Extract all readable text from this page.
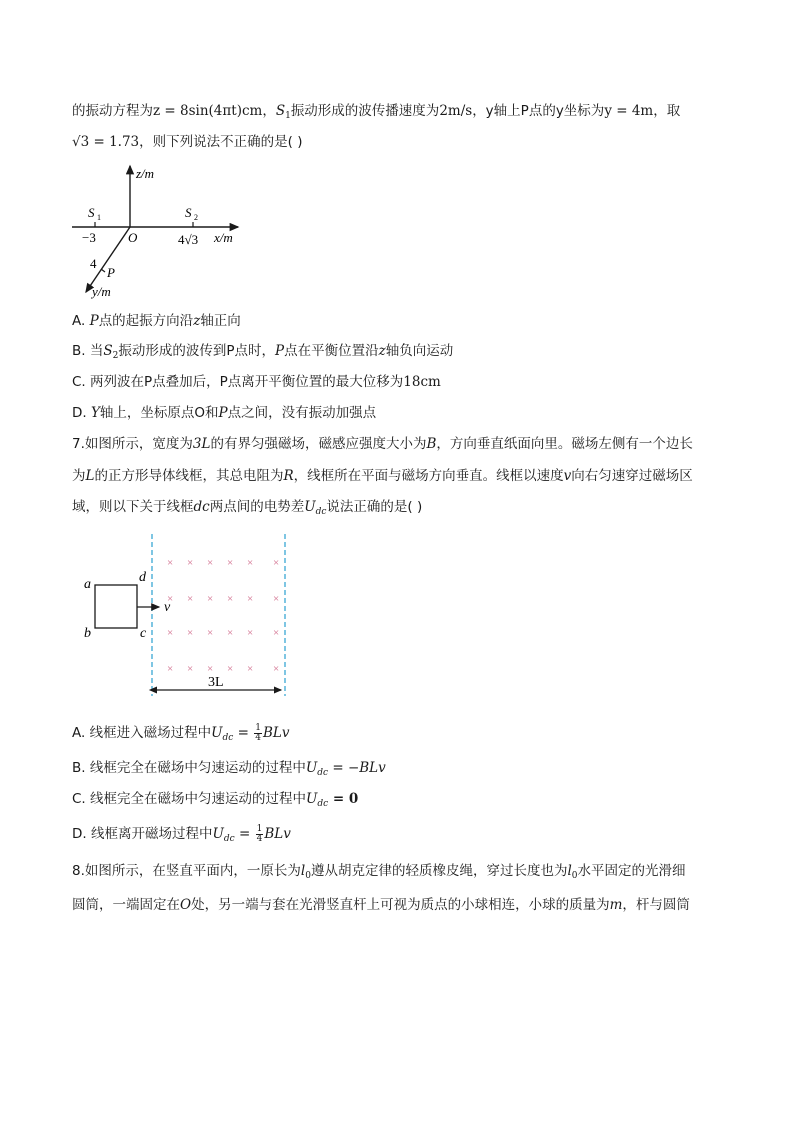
的振动方程为z = 8sin(4πt)cm，$S_1$振动形成的波传播速度为2m/s，y轴上P点的y坐标为y = 4m，取
√3 = 1.73，则下列说法不正确的是( )
z/m
x/m
y/m
S 1
−3 O
S 2
4√3
4
P
A. P点的起振方向沿z轴正向
B. 当$S_2$振动形成的波传到P点时，P点在平衡位置沿z轴负向运动
C. 两列波在P点叠加后，P点离开平衡位置的最大位移为18cm
D. Y轴上，坐标原点O和P点之间，没有振动加强点
7.如图所示，宽度为3L的有界匀强磁场，磁感应强度大小为B，方向垂直纸面向里。磁场左侧有一个边长
为L的正方形导体线框，其总电阻为R，线框所在平面与磁场方向垂直。线框以速度v向右匀速穿过磁场区
域，则以下关于线框dc两点间的电势差$U_{dc}$说法正确的是( )
× × × × × ×
× × × × × ×
× × × × × ×
× × × × × ×
a
b	c
d
v
3L
A. 线框进入磁场过程中$U_{dc} = \frac{1}{4}$ BLv
B. 线框完全在磁场中匀速运动的过程中$U_{dc} = -BLv$
C. 线框完全在磁场中匀速运动的过程中$U_{dc} = 0$
D. 线框离开磁场过程中$U_{dc} = \frac{1}{4}$ BLv
8.如图所示，在竖直平面内，一原长为$l_0$遵从胡克定律的轻质橡皮绳，穿过长度也为$l_0$水平固定的光滑细
圆筒，一端固定在O处，另一端与套在光滑竖直杆上可视为质点的小球相连，小球的质量为m，杆与圆筒
